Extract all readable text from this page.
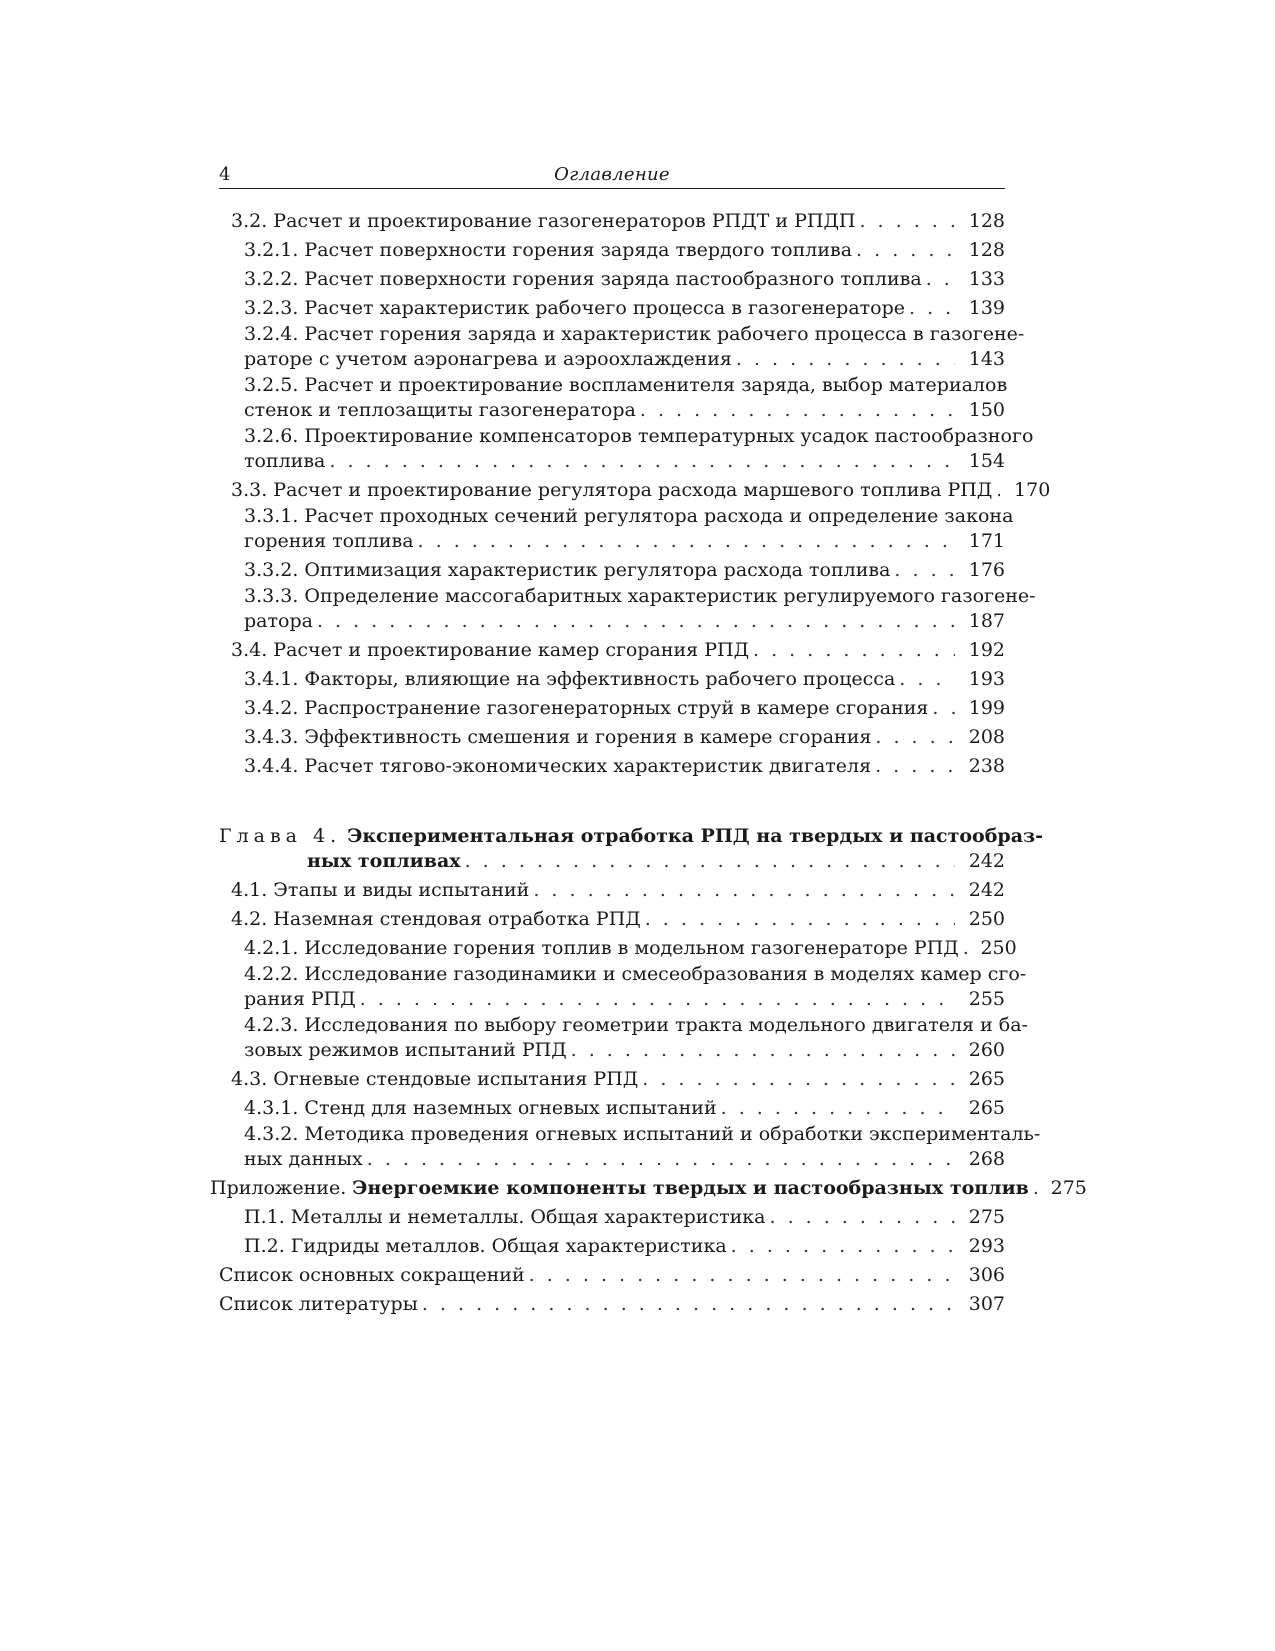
4	Оглавление
3.2. Расчет и проектирование газогенераторов РПДТ и РПДП . . .	128
3.2.1. Расчет поверхности горения заряда твердого топлива . . .	128
3.2.2. Расчет поверхности горения заряда пастообразного топлива . . .	133
3.2.3. Расчет характеристик рабочего процесса в газогенераторе . . .	139
3.2.4. Расчет горения заряда и характеристик рабочего процесса в газогене-
раторе с учетом аэронагрева и аэроохлаждения . . .	143
3.2.5. Расчет и проектирование воспламенителя заряда, выбор материалов
стенок и теплозащиты газогенератора . . .	150
3.2.6. Проектирование компенсаторов температурных усадок пастообразного
топлива . . .	154
3.3. Расчет и проектирование регулятора расхода маршевого топлива РПД . . .	170
3.3.1. Расчет проходных сечений регулятора расхода и определение закона
горения топлива . . .	171
3.3.2. Оптимизация характеристик регулятора расхода топлива . . .	176
3.3.3. Определение массогабаритных характеристик регулируемого газогене-
ратора . . .	187
3.4. Расчет и проектирование камер сгорания РПД . . .	192
3.4.1. Факторы, влияющие на эффективность рабочего процесса . . .	193
3.4.2. Распространение газогенераторных струй в камере сгорания . . .	199
3.4.3. Эффективность смешения и горения в камере сгорания . . .	208
3.4.4. Расчет тягово-экономических характеристик двигателя . . .	238
Глава 4. Экспериментальная отработка РПД на твердых и пастообраз-
ных топливах . . .	242
4.1. Этапы и виды испытаний . . .	242
4.2. Наземная стендовая отработка РПД . . .	250
4.2.1. Исследование горения топлив в модельном газогенераторе РПД . . .	250
4.2.2. Исследование газодинамики и смесеобразования в моделях камер сго-
рания РПД . . .	255
4.2.3. Исследования по выбору геометрии тракта модельного двигателя и ба-
зовых режимов испытаний РПД . . .	260
4.3. Огневые стендовые испытания РПД . . .	265
4.3.1. Стенд для наземных огневых испытаний . . .	265
4.3.2. Методика проведения огневых испытаний и обработки эксперименталь-
ных данных . . .	268
Приложение. Энергоемкие компоненты твердых и пастообразных топлив . . .	275
П.1. Металлы и неметаллы. Общая характеристика . . .	275
П.2. Гидриды металлов. Общая характеристика . . .	293
Список основных сокращений . . .	306
Список литературы . . .	307
